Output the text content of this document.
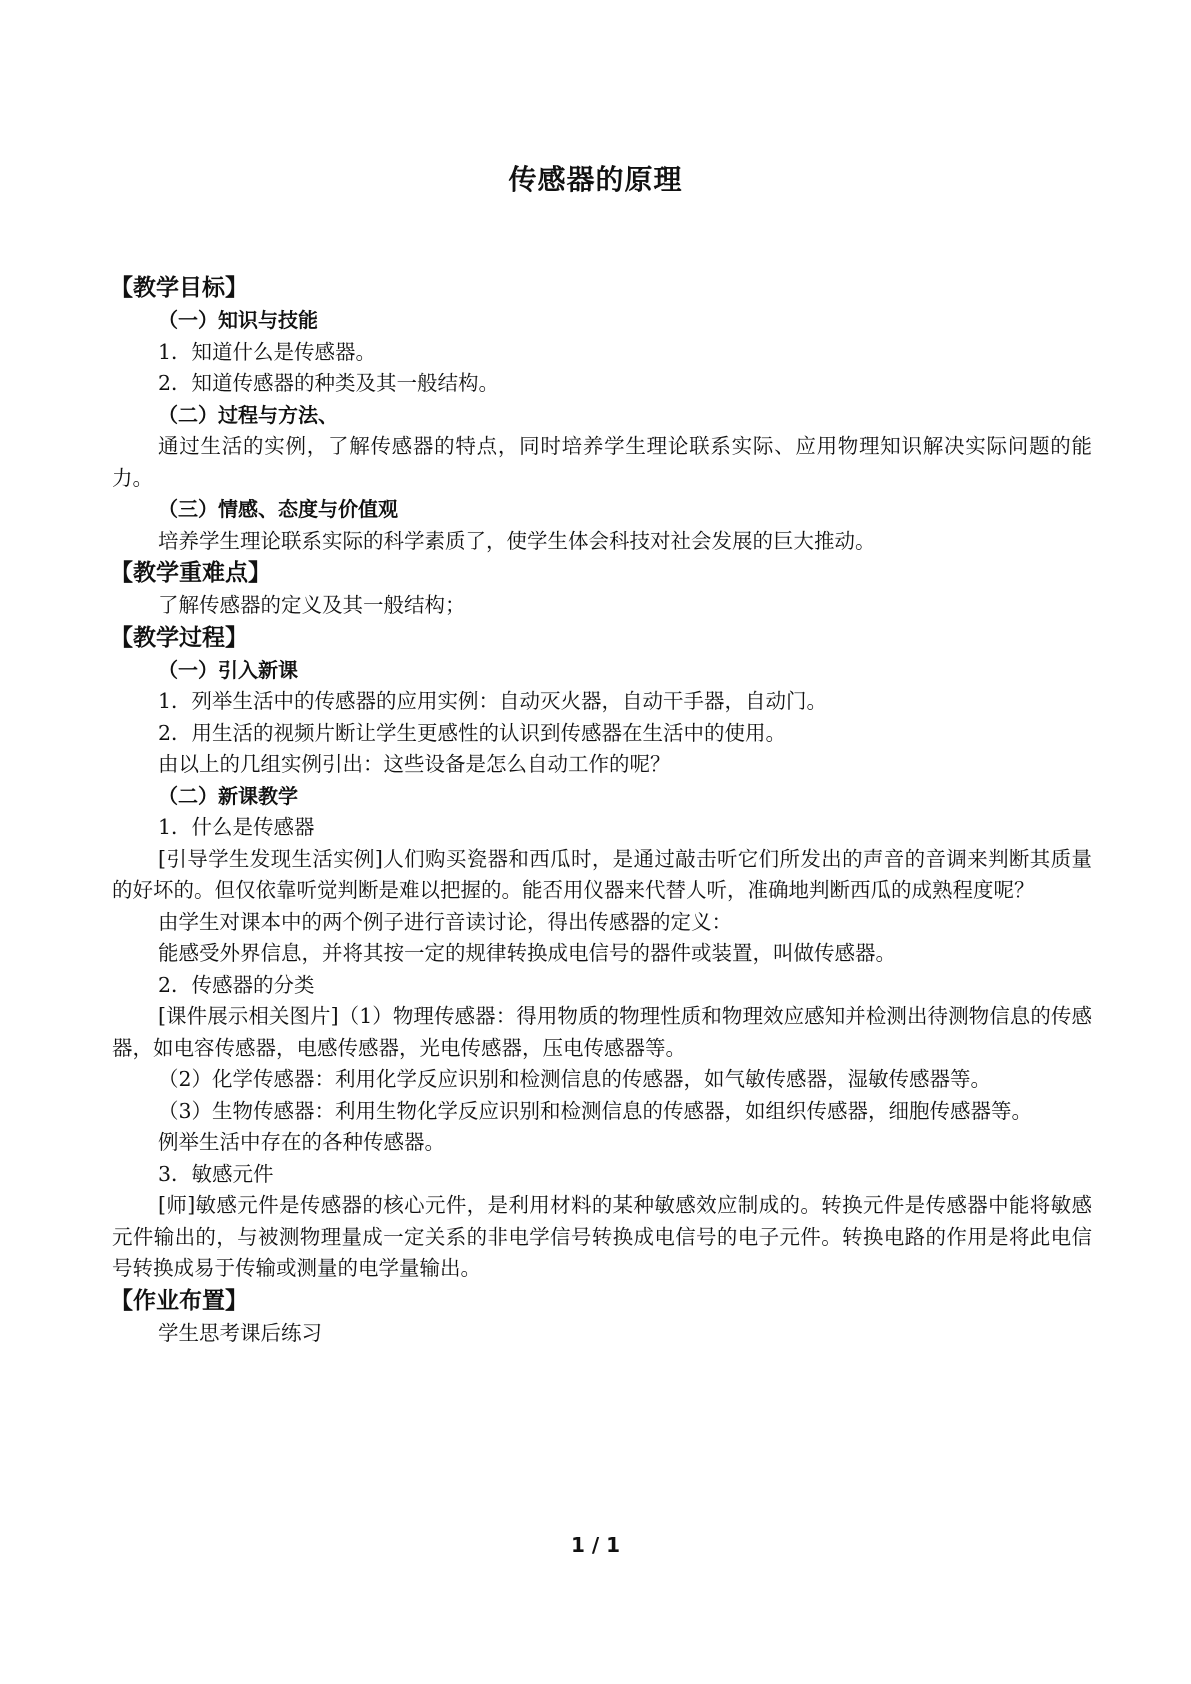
传感器的原理
【教学目标】
（一）知识与技能
1．知道什么是传感器。
2．知道传感器的种类及其一般结构。
（二）过程与方法、
通过生活的实例，了解传感器的特点，同时培养学生理论联系实际、应用物理知识解决实际问题的能力。
（三）情感、态度与价值观
培养学生理论联系实际的科学素质了，使学生体会科技对社会发展的巨大推动。
【教学重难点】
了解传感器的定义及其一般结构；
【教学过程】
（一）引入新课
1．列举生活中的传感器的应用实例：自动灭火器，自动干手器，自动门。
2．用生活的视频片断让学生更感性的认识到传感器在生活中的使用。
由以上的几组实例引出：这些设备是怎么自动工作的呢？
（二）新课教学
1．什么是传感器
[引导学生发现生活实例]人们购买瓷器和西瓜时，是通过敲击听它们所发出的声音的音调来判断其质量的好坏的。但仅依靠听觉判断是难以把握的。能否用仪器来代替人听，准确地判断西瓜的成熟程度呢？
由学生对课本中的两个例子进行音读讨论，得出传感器的定义：
能感受外界信息，并将其按一定的规律转换成电信号的器件或装置，叫做传感器。
2．传感器的分类
[课件展示相关图片]（1）物理传感器：得用物质的物理性质和物理效应感知并检测出待测物信息的传感器，如电容传感器，电感传感器，光电传感器，压电传感器等。
（2）化学传感器：利用化学反应识别和检测信息的传感器，如气敏传感器，湿敏传感器等。
（3）生物传感器：利用生物化学反应识别和检测信息的传感器，如组织传感器，细胞传感器等。
例举生活中存在的各种传感器。
3．敏感元件
[师]敏感元件是传感器的核心元件，是利用材料的某种敏感效应制成的。转换元件是传感器中能将敏感元件输出的，与被测物理量成一定关系的非电学信号转换成电信号的电子元件。转换电路的作用是将此电信号转换成易于传输或测量的电学量输出。
【作业布置】
学生思考课后练习
1 / 1
